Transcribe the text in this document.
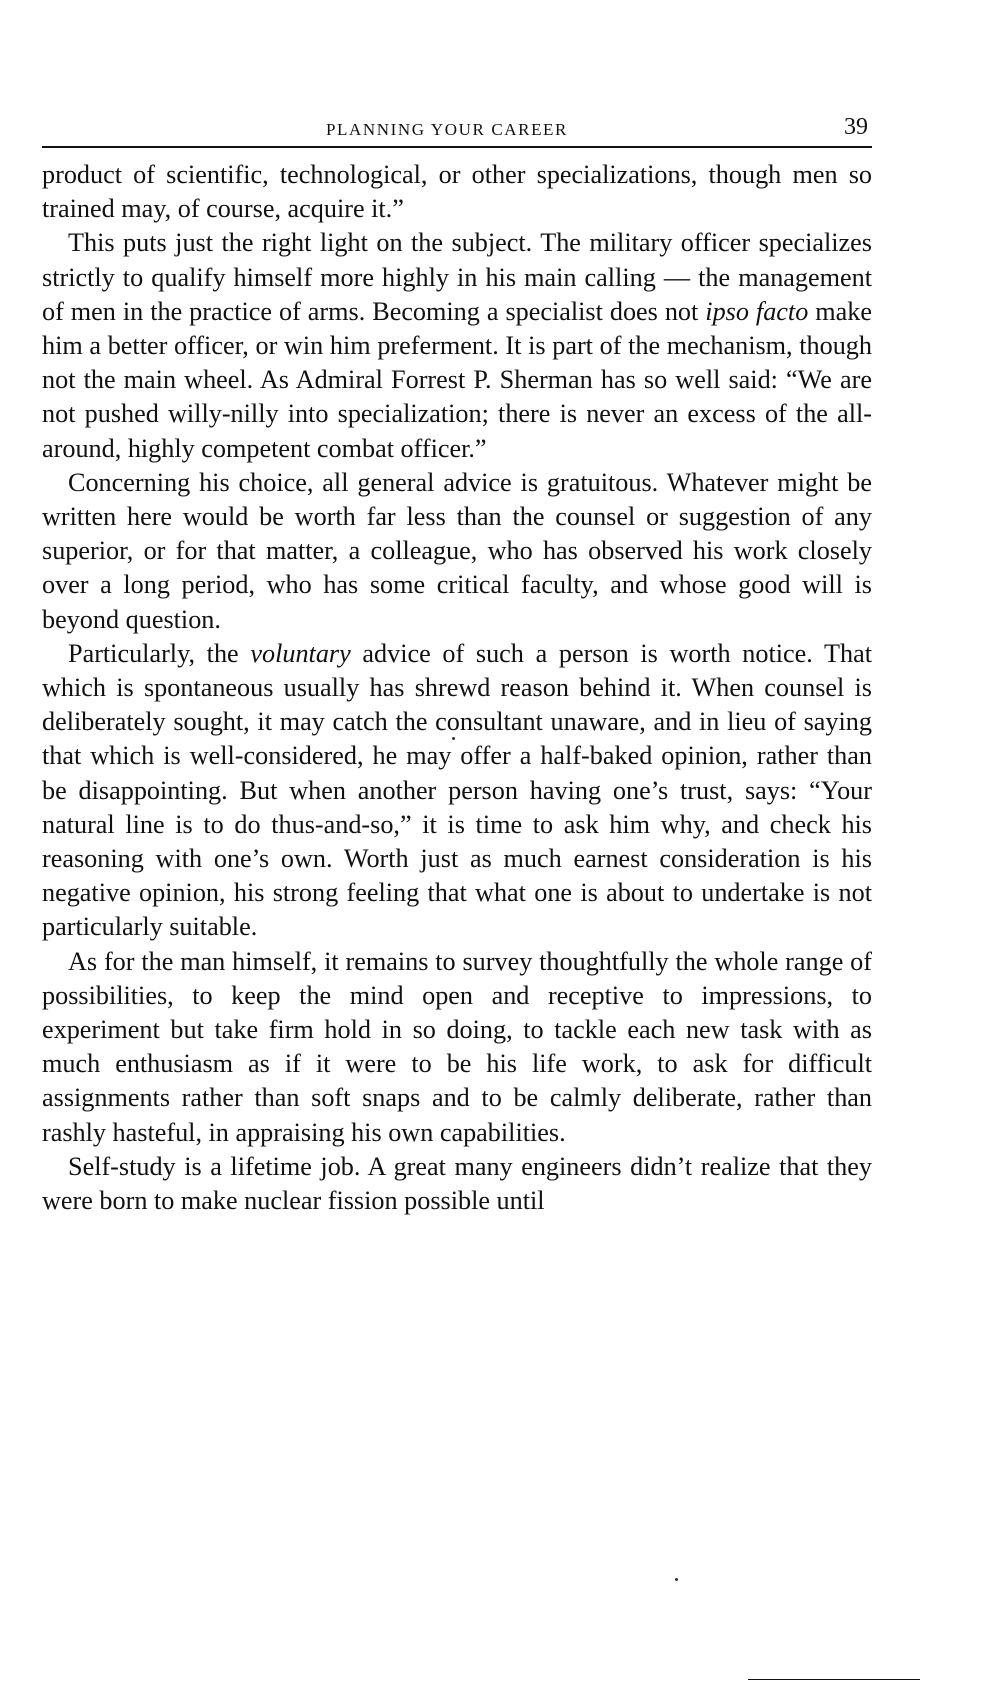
PLANNING YOUR CAREER	39

product of scientific, technological, or other specializations, though men so trained may, of course, acquire it.”

This puts just the right light on the subject. The military officer specializes strictly to qualify himself more highly in his main calling — the management of men in the practice of arms. Becoming a specialist does not ipso facto make him a better officer, or win him preferment. It is part of the mechanism, though not the main wheel. As Admiral Forrest P. Sherman has so well said: “We are not pushed willy-nilly into specialization; there is never an excess of the all-around, highly competent combat officer.”

Concerning his choice, all general advice is gratuitous. Whatever might be written here would be worth far less than the counsel or suggestion of any superior, or for that matter, a colleague, who has observed his work closely over a long period, who has some critical faculty, and whose good will is beyond question.

Particularly, the voluntary advice of such a person is worth notice. That which is spontaneous usually has shrewd reason behind it. When counsel is deliberately sought, it may catch the consultant unaware, and in lieu of saying that which is well-considered, he may offer a half-baked opinion, rather than be disappointing. But when another person having one’s trust, says: “Your natural line is to do thus-and-so,” it is time to ask him why, and check his reasoning with one’s own. Worth just as much earnest consideration is his negative opinion, his strong feeling that what one is about to undertake is not particularly suitable.

As for the man himself, it remains to survey thoughtfully the whole range of possibilities, to keep the mind open and receptive to impressions, to experiment but take firm hold in so doing, to tackle each new task with as much enthusiasm as if it were to be his life work, to ask for difficult assignments rather than soft snaps and to be calmly deliberate, rather than rashly hasteful, in appraising his own capabilities.

Self-study is a lifetime job. A great many engineers didn’t realize that they were born to make nuclear fission possible until
